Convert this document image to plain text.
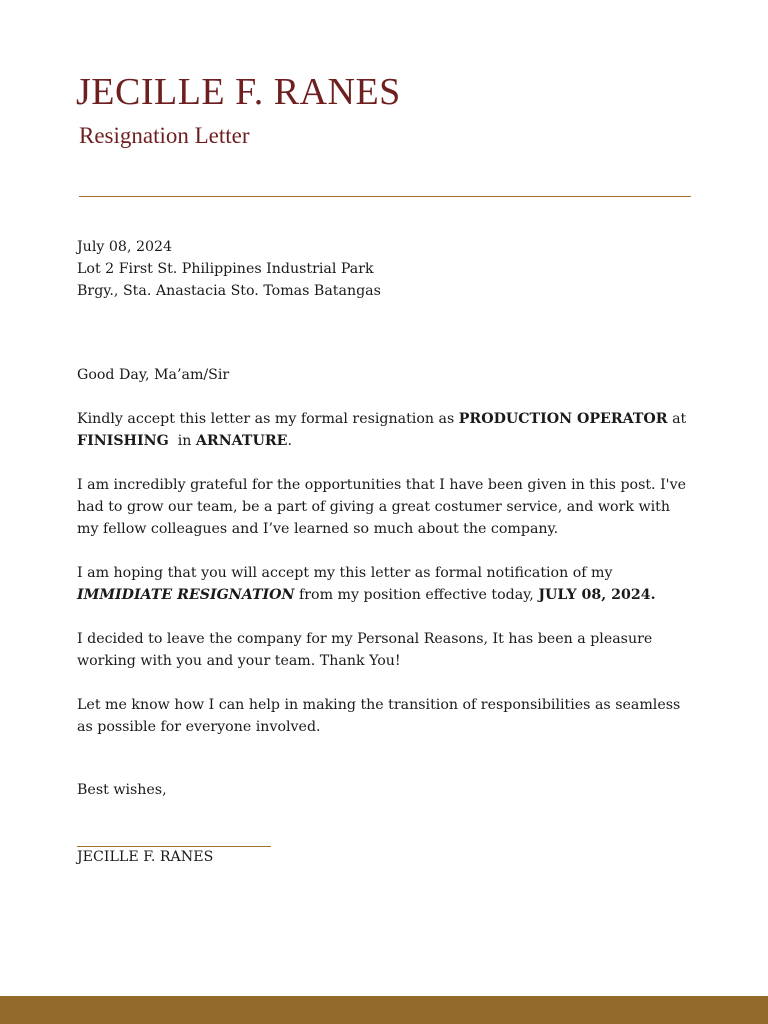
JECILLE F. RANES

Resignation Letter

July 08, 2024

Lot 2 First St. Philippines Industrial Park

Brgy., Sta. Anastacia Sto. Tomas Batangas

Good Day, Ma’am/Sir

Kindly accept this letter as my formal resignation as PRODUCTION OPERATOR at
FINISHING  in ARNATURE.

I am incredibly grateful for the opportunities that I have been given in this post. I've had to grow our team, be a part of giving a great costumer service, and work with my fellow colleagues and I’ve learned so much about the company.

I am hoping that you will accept my this letter as formal notification of my IMMIDIATE RESIGNATION from my position effective today, JULY 08, 2024.

I decided to leave the company for my Personal Reasons, It has been a pleasure working with you and your team. Thank You!

Let me know how I can help in making the transition of responsibilities as seamless as possible for everyone involved.

Best wishes,

JECILLE F. RANES
